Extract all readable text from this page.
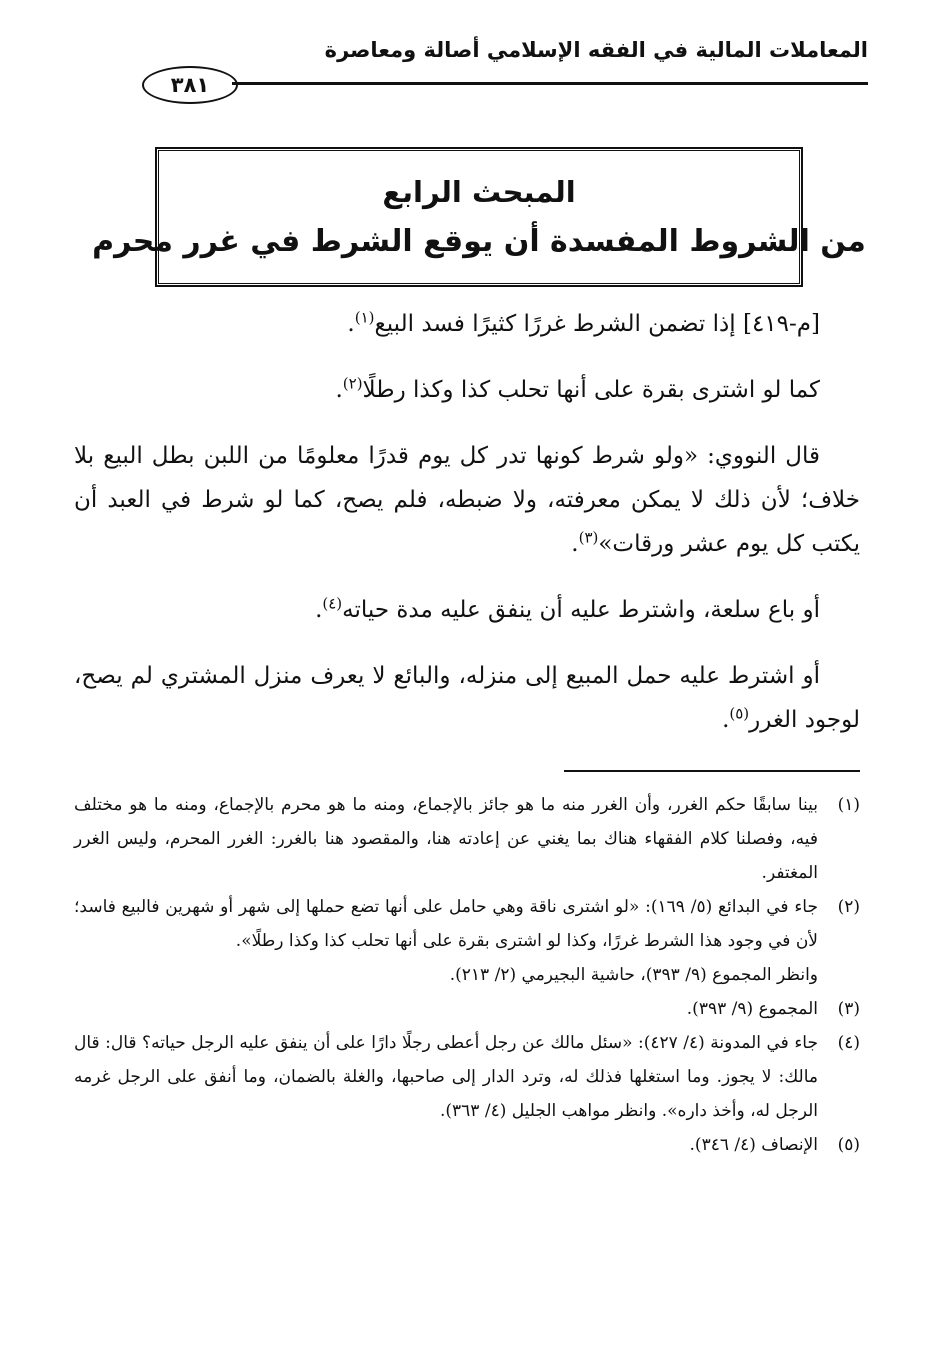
المعاملات المالية في الفقه الإسلامي أصالة ومعاصرة
٣٨١
المبحث الرابع
من الشروط المفسدة أن يوقع الشرط في غرر محرم

[م-٤١٩] إذا تضمن الشرط غررًا كثيرًا فسد البيع$^{(١)}$.

كما لو اشترى بقرة على أنها تحلب كذا وكذا رطلًا$^{(٢)}$.

قال النووي: «ولو شرط كونها تدر كل يوم قدرًا معلومًا من اللبن بطل البيع بلا خلاف؛ لأن ذلك لا يمكن معرفته، ولا ضبطه، فلم يصح، كما لو شرط في العبد أن يكتب كل يوم عشر ورقات»$^{(٣)}$.

أو باع سلعة، واشترط عليه أن ينفق عليه مدة حياته$^{(٤)}$.

أو اشترط عليه حمل المبيع إلى منزله، والبائع لا يعرف منزل المشتري لم يصح، لوجود الغرر$^{(٥)}$.

(١)
بينا سابقًا حكم الغرر، وأن الغرر منه ما هو جائز بالإجماع، ومنه ما هو محرم بالإجماع، ومنه ما هو مختلف فيه، وفصلنا كلام الفقهاء هناك بما يغني عن إعادته هنا، والمقصود هنا بالغرر: الغرر المحرم، وليس الغرر المغتفر.
(٢)
جاء في البدائع (٥/ ١٦٩): «لو اشترى ناقة وهي حامل على أنها تضع حملها إلى شهر أو شهرين فالبيع فاسد؛ لأن في وجود هذا الشرط غررًا، وكذا لو اشترى بقرة على أنها تحلب كذا وكذا رطلًا».
وانظر المجموع (٩/ ٣٩٣)، حاشية البجيرمي (٢/ ٢١٣).
(٣)
المجموع (٩/ ٣٩٣).
(٤)
جاء في المدونة (٤/ ٤٢٧): «سئل مالك عن رجل أعطى رجلًا دارًا على أن ينفق عليه الرجل حياته؟ قال: قال مالك: لا يجوز. وما استغلها فذلك له، وترد الدار إلى صاحبها، والغلة بالضمان، وما أنفق على الرجل غرمه الرجل له، وأخذ داره». وانظر مواهب الجليل (٤/ ٣٦٣).
(٥)
الإنصاف (٤/ ٣٤٦).
